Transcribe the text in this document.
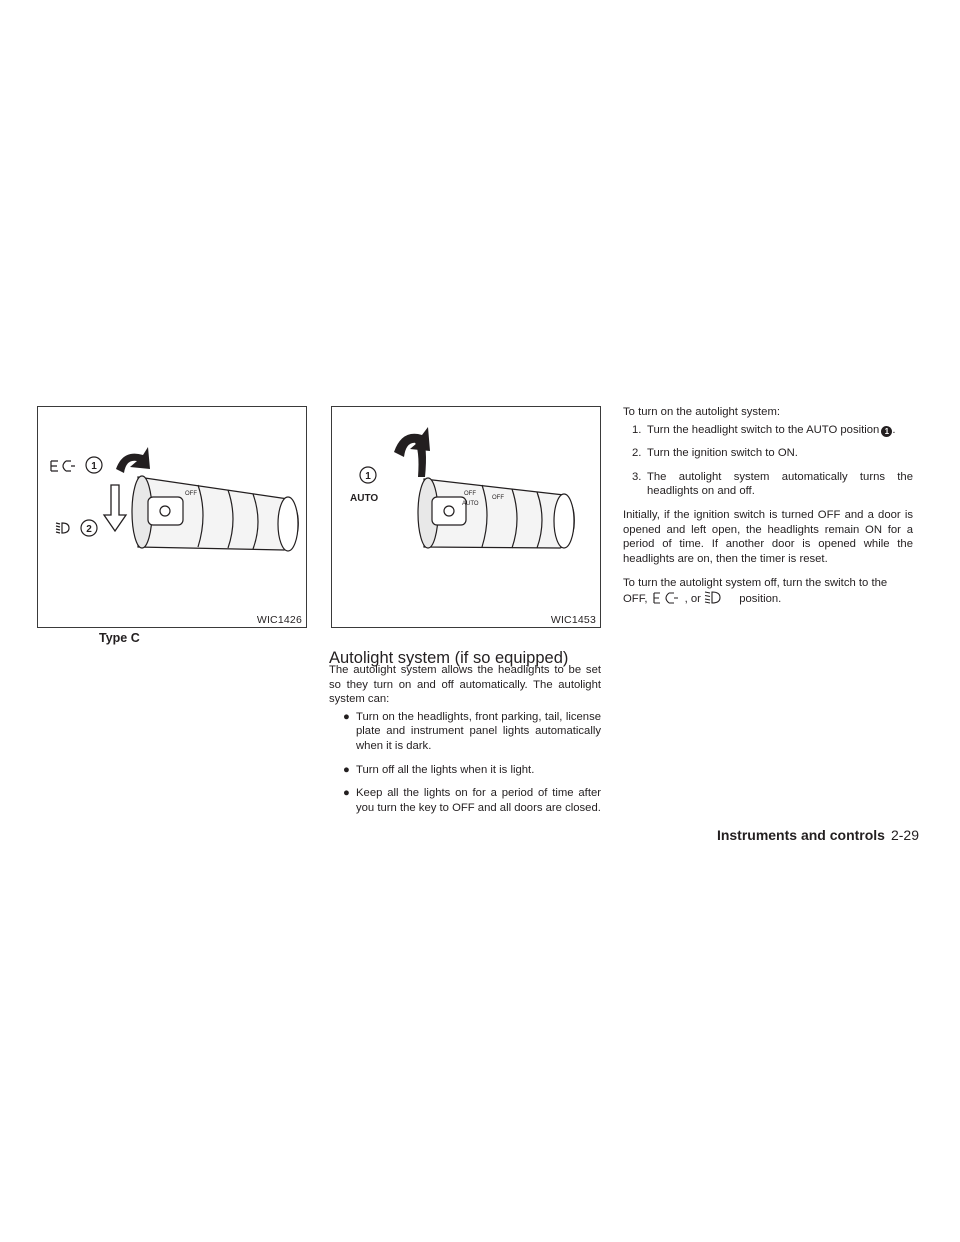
1
2
OFF
WIC1426
Type C
1
AUTO	OFF
AUTO
OFF
WIC1453
Autolight system (if so equipped)

The autolight system allows the headlights to be set so they turn on and off automatically. The autolight system can:

● Turn on the headlights, front parking, tail, license plate and instrument panel lights automatically when it is dark.
● Turn off all the lights when it is light.
● Keep all the lights on for a period of time after you turn the key to OFF and all doors are closed.

To turn on the autolight system:

1. Turn the headlight switch to the AUTO position 1 .
2. Turn the ignition switch to ON.
3. The autolight system automatically turns the headlights on and off.

Initially, if the ignition switch is turned OFF and a door is opened and left open, the headlights remain ON for a period of time. If another door is opened while the headlights are on, then the timer is reset.

To turn the autolight system off, turn the switch to the OFF,	, or	position.

Instruments and controls 2-29
